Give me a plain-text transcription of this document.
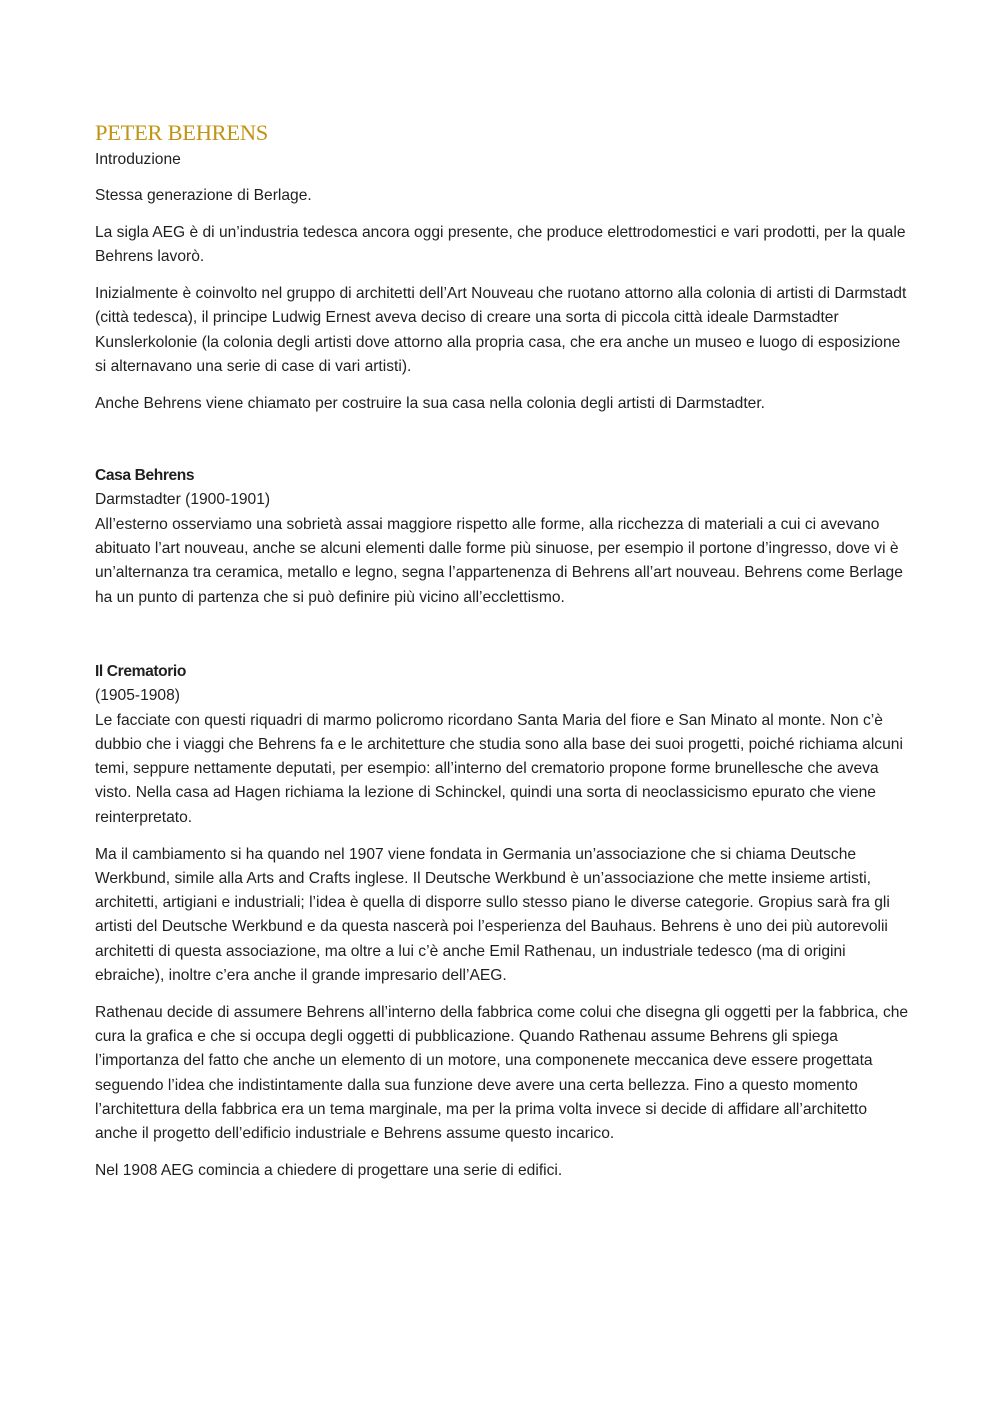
PETER BEHRENS
Introduzione

Stessa generazione di Berlage.

La sigla AEG è di un’industria tedesca ancora oggi presente, che produce elettrodomestici e vari prodotti, per la quale Behrens lavorò.

Inizialmente è coinvolto nel gruppo di architetti dell’Art Nouveau che ruotano attorno alla colonia di artisti di Darmstadt (città tedesca), il principe Ludwig Ernest aveva deciso di creare una sorta di piccola città ideale Darmstadter Kunslerkolonie (la colonia degli artisti dove attorno alla propria casa, che era anche un museo e luogo di esposizione si alternavano una serie di case di vari artisti).

Anche Behrens viene chiamato per costruire la sua casa nella colonia degli artisti di Darmstadter.

Casa Behrens
Darmstadter (1900-1901)

All’esterno osserviamo una sobrietà assai maggiore rispetto alle forme, alla ricchezza di materiali a cui ci avevano abituato l’art nouveau, anche se alcuni elementi dalle forme più sinuose, per esempio il portone d’ingresso, dove vi è un’alternanza tra ceramica, metallo e legno, segna l’appartenenza di Behrens all’art nouveau. Behrens come Berlage ha un punto di partenza che si può definire più vicino all’ecclettismo.

Il Crematorio
(1905-1908)

Le facciate con questi riquadri di marmo policromo ricordano Santa Maria del fiore e San Minato al monte. Non c’è dubbio che i viaggi che Behrens fa e le architetture che studia sono alla base dei suoi progetti, poiché richiama alcuni temi, seppure nettamente deputati, per esempio: all’interno del crematorio propone forme brunellesche che aveva visto. Nella casa ad Hagen richiama la lezione di Schinckel, quindi una sorta di neoclassicismo epurato che viene reinterpretato.

Ma il cambiamento si ha quando nel 1907 viene fondata in Germania un’associazione che si chiama Deutsche Werkbund, simile alla Arts and Crafts inglese. Il Deutsche Werkbund è un’associazione che mette insieme artisti, architetti, artigiani e industriali; l’idea è quella di disporre sullo stesso piano le diverse categorie. Gropius sarà fra gli artisti del Deutsche Werkbund e da questa nascerà poi l’esperienza del Bauhaus. Behrens è uno dei più autorevolii architetti di questa associazione, ma oltre a lui c’è anche Emil Rathenau, un industriale tedesco (ma di origini ebraiche), inoltre c’era anche il grande impresario dell’AEG.

Rathenau decide di assumere Behrens all’interno della fabbrica come colui che disegna gli oggetti per la fabbrica, che cura la grafica e che si occupa degli oggetti di pubblicazione. Quando Rathenau assume Behrens gli spiega l’importanza del fatto che anche un elemento di un motore, una componenete meccanica deve essere progettata seguendo l’idea che indistintamente dalla sua funzione deve avere una certa bellezza. Fino a questo momento l’architettura della fabbrica era un tema marginale, ma per la prima volta invece si decide di affidare all’architetto anche il progetto dell’edificio industriale e Behrens assume questo incarico.

Nel 1908 AEG comincia a chiedere di progettare una serie di edifici.
